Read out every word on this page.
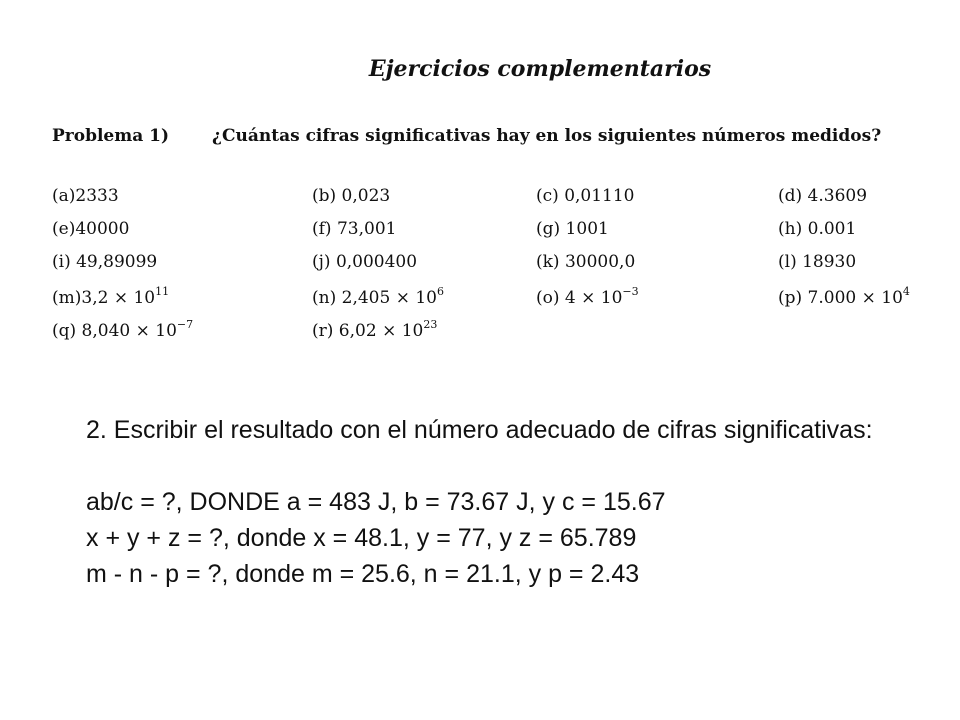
Ejercicios complementarios
Problema 1)	¿Cuántas cifras significativas hay en los siguientes números medidos?
(a)2333	(b) 0,023	(c) 0,01110	(d) 4.3609
(e)40000	(f) 73,001	(g) 1001	(h) 0.001
(i) 49,89099	(j) 0,000400	(k) 30000,0	(l) 18930
$(m)3,2 \times 10^{11}$	(n) $2,405 \times 10^6$	(o) $4 \times 10^{-3}$	(p) $7.000 \times 10^4$
(q) $8,040 \times 10^{-7}$	(r) $6,02 \times 10^{23}$

2. Escribir el resultado con el número adecuado de cifras significativas:

ab/c = ?, DONDE a = 483 J, b = 73.67 J, y c = 15.67

x + y + z = ?, donde x = 48.1, y = 77, y z = 65.789

m - n - p = ?, donde m = 25.6, n = 21.1, y p = 2.43
